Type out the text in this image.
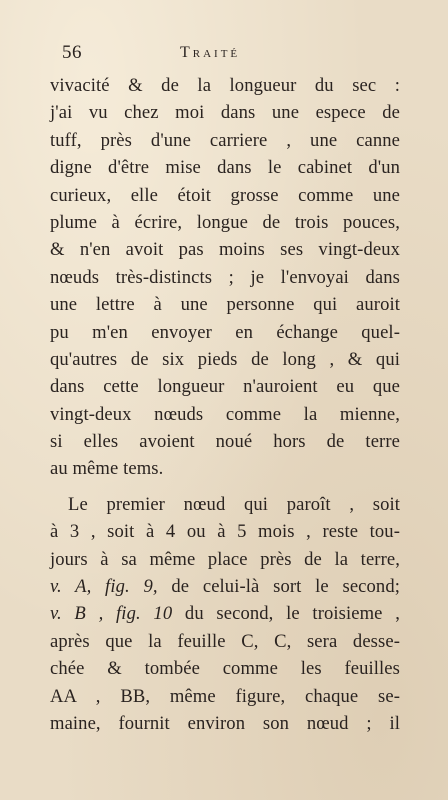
56	Traité
vivacité & de la longueur du sec :
j'ai vu chez moi dans une espece de
tuff, près d'une carriere , une canne
digne d'être mise dans le cabinet d'un
curieux, elle étoit grosse comme une
plume à écrire, longue de trois pouces,
& n'en avoit pas moins ses vingt-deux
nœuds très-distincts ; je l'envoyai dans
une lettre à une personne qui auroit
pu m'en envoyer en échange quel-
qu'autres de six pieds de long , & qui
dans cette longueur n'auroient eu que
vingt-deux nœuds comme la mienne,
si elles avoient noué hors de terre
au même tems.
Le premier nœud qui paroît , soit
à 3 , soit à 4 ou à 5 mois , reste tou-
jours à sa même place près de la terre,
v. A, fig. 9, de celui-là sort le second;
v. B , fig. 10 du second, le troisieme ,
après que la feuille C, C, sera desse-
chée & tombée comme les feuilles
AA , BB, même figure, chaque se-
maine, fournit environ son nœud ; il
